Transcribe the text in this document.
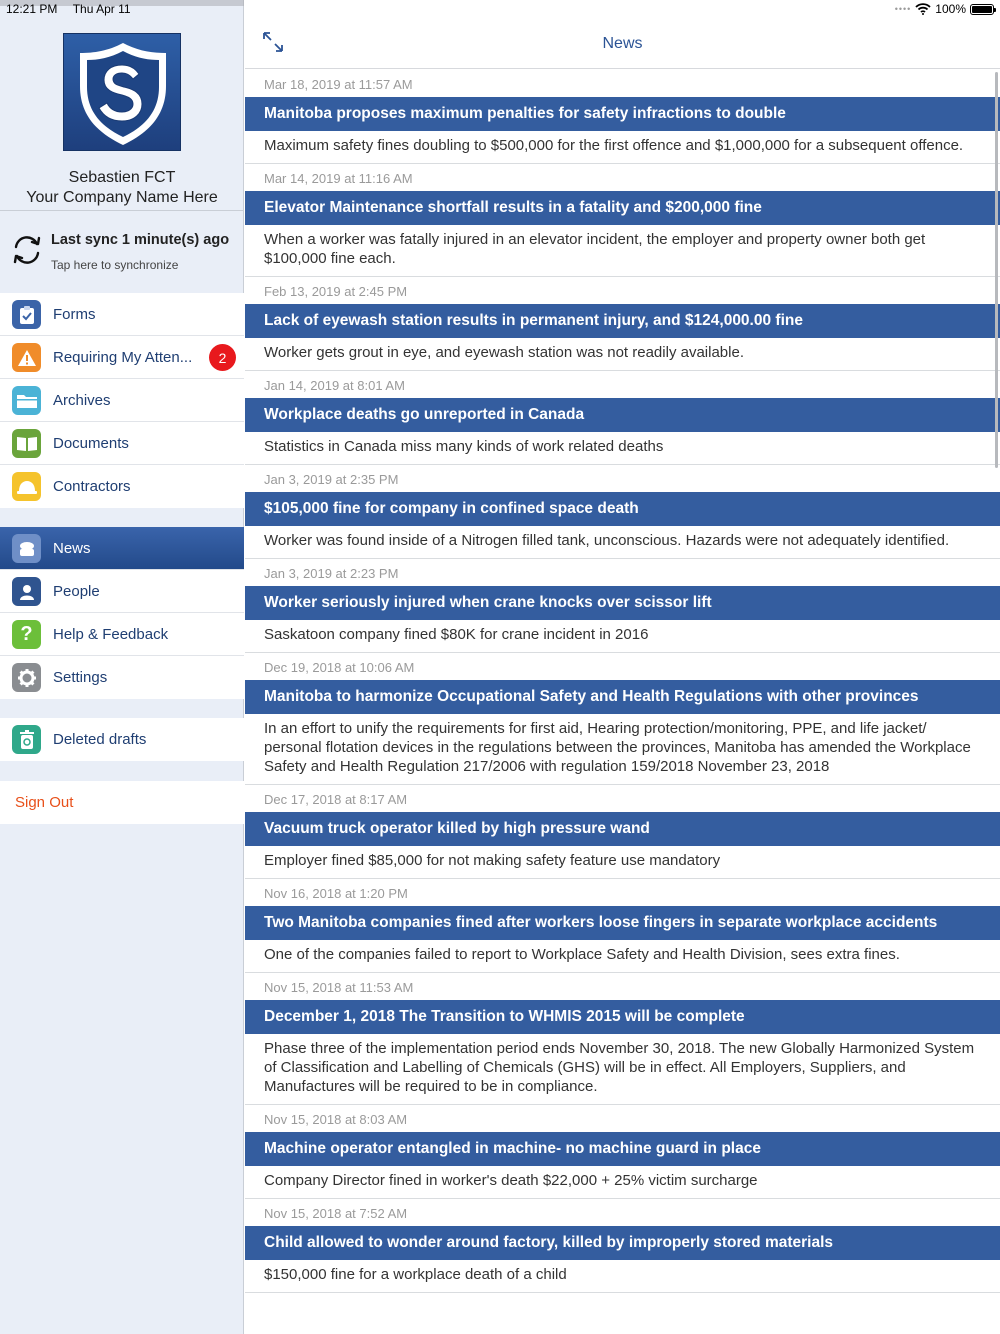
12:21 PM Thu Apr 11
Sebastien FCT
Your Company Name Here
Last sync 1 minute(s) ago
Tap here to synchronize
Forms
Requiring My Atten...	2
Archives
Documents
Contractors
News
People
?	Help & Feedback
Settings
Deleted drafts
Sign Out
•••• 100%
News
Mar 18, 2019 at 11:57 AM
Manitoba proposes maximum penalties for safety infractions to double
Maximum safety fines doubling to $500,000 for the first offence and $1,000,000 for a subsequent offence.
Mar 14, 2019 at 11:16 AM
Elevator Maintenance shortfall results in a fatality and $200,000 fine
When a worker was fatally injured in an elevator incident, the employer and property owner both get $100,000 fine each.
Feb 13, 2019 at 2:45 PM
Lack of eyewash station results in permanent injury, and $124,000.00 fine
Worker gets grout in eye, and eyewash station was not readily available.
Jan 14, 2019 at 8:01 AM
Workplace deaths go unreported in Canada
Statistics in Canada miss many kinds of work related deaths
Jan 3, 2019 at 2:35 PM
$105,000 fine for company in confined space death
Worker was found inside of a Nitrogen filled tank, unconscious. Hazards were not adequately identified.
Jan 3, 2019 at 2:23 PM
Worker seriously injured when crane knocks over scissor lift
Saskatoon company fined $80K for crane incident in 2016
Dec 19, 2018 at 10:06 AM
Manitoba to harmonize Occupational Safety and Health Regulations with other provinces
In an effort to unify the requirements for first aid, Hearing protection/monitoring, PPE, and life jacket/ personal flotation devices in the regulations between the provinces, Manitoba has amended the Workplace Safety and Health Regulation 217/2006 with regulation 159/2018 November 23, 2018
Dec 17, 2018 at 8:17 AM
Vacuum truck operator killed by high pressure wand
Employer fined $85,000 for not making safety feature use mandatory
Nov 16, 2018 at 1:20 PM
Two Manitoba companies fined after workers loose fingers in separate workplace accidents
One of the companies failed to report to Workplace Safety and Health Division, sees extra fines.
Nov 15, 2018 at 11:53 AM
December 1, 2018 The Transition to WHMIS 2015 will be complete
Phase three of the implementation period ends November 30, 2018. The new Globally Harmonized System of Classification and Labelling of Chemicals (GHS) will be in effect. All Employers, Suppliers, and Manufactures will be required to be in compliance.
Nov 15, 2018 at 8:03 AM
Machine operator entangled in machine- no machine guard in place
Company Director fined in worker's death $22,000 + 25% victim surcharge
Nov 15, 2018 at 7:52 AM
Child allowed to wonder around factory, killed by improperly stored materials
$150,000 fine for a workplace death of a child
